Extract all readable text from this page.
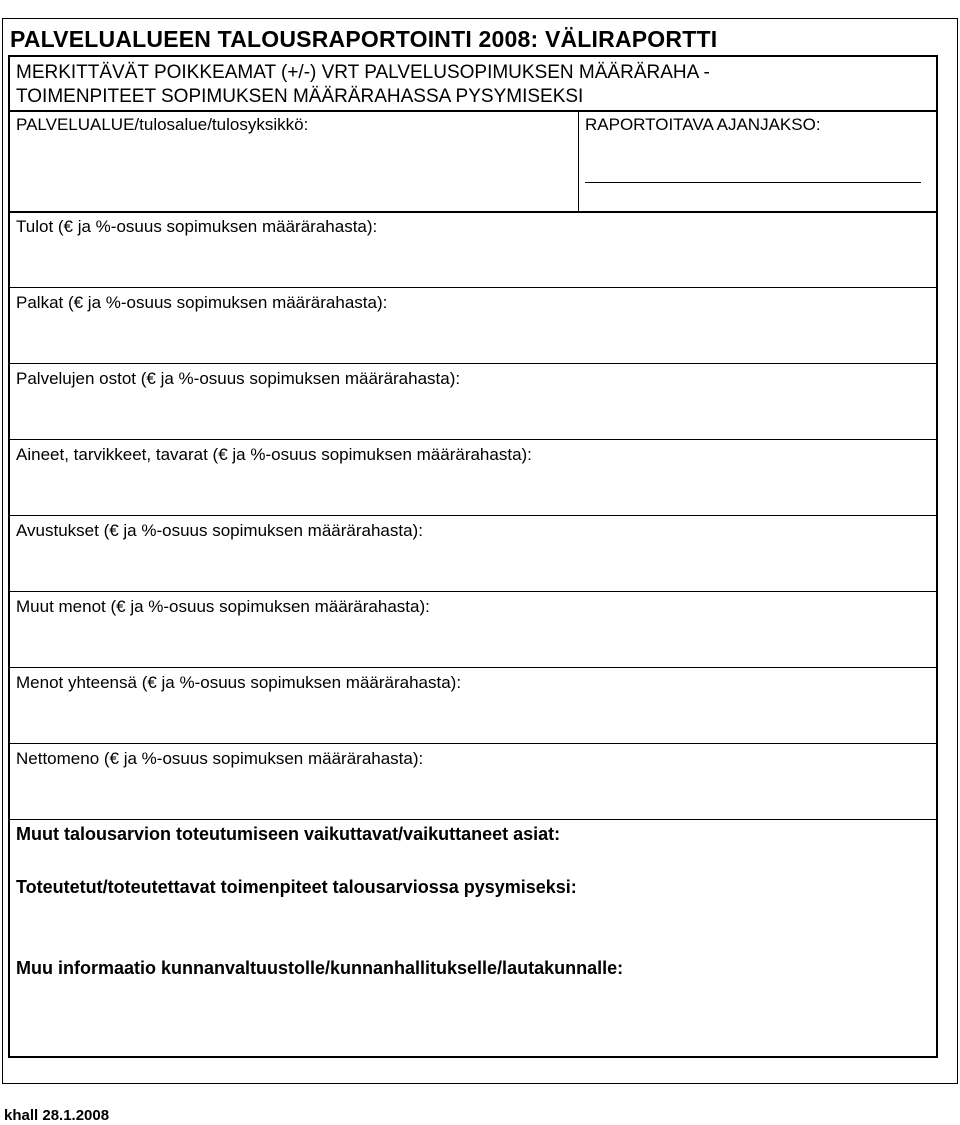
PALVELUALUEEN TALOUSRAPORTOINTI 2008: VÄLIRAPORTTI
MERKITTÄVÄT POIKKEAMAT (+/-) VRT PALVELUSOPIMUKSEN MÄÄRÄRAHA -
TOIMENPITEET SOPIMUKSEN MÄÄRÄRAHASSA PYSYMISEKSI
PALVELUALUE/tulosalue/tulosyksikkö:	RAPORTOITAVA AJANJAKSO:
Tulot (€ ja %-osuus sopimuksen määrärahasta):
Palkat (€ ja %-osuus sopimuksen määrärahasta):
Palvelujen ostot (€ ja %-osuus sopimuksen määrärahasta):
Aineet, tarvikkeet, tavarat (€ ja %-osuus sopimuksen määrärahasta):
Avustukset (€ ja %-osuus sopimuksen määrärahasta):
Muut menot (€ ja %-osuus sopimuksen määrärahasta):
Menot yhteensä (€ ja %-osuus sopimuksen määrärahasta):
Nettomeno (€ ja %-osuus sopimuksen määrärahasta):
Muut talousarvion toteutumiseen vaikuttavat/vaikuttaneet asiat:
Toteutetut/toteutettavat toimenpiteet talousarviossa pysymiseksi:
Muu informaatio kunnanvaltuustolle/kunnanhallitukselle/lautakunnalle:
khall 28.1.2008
